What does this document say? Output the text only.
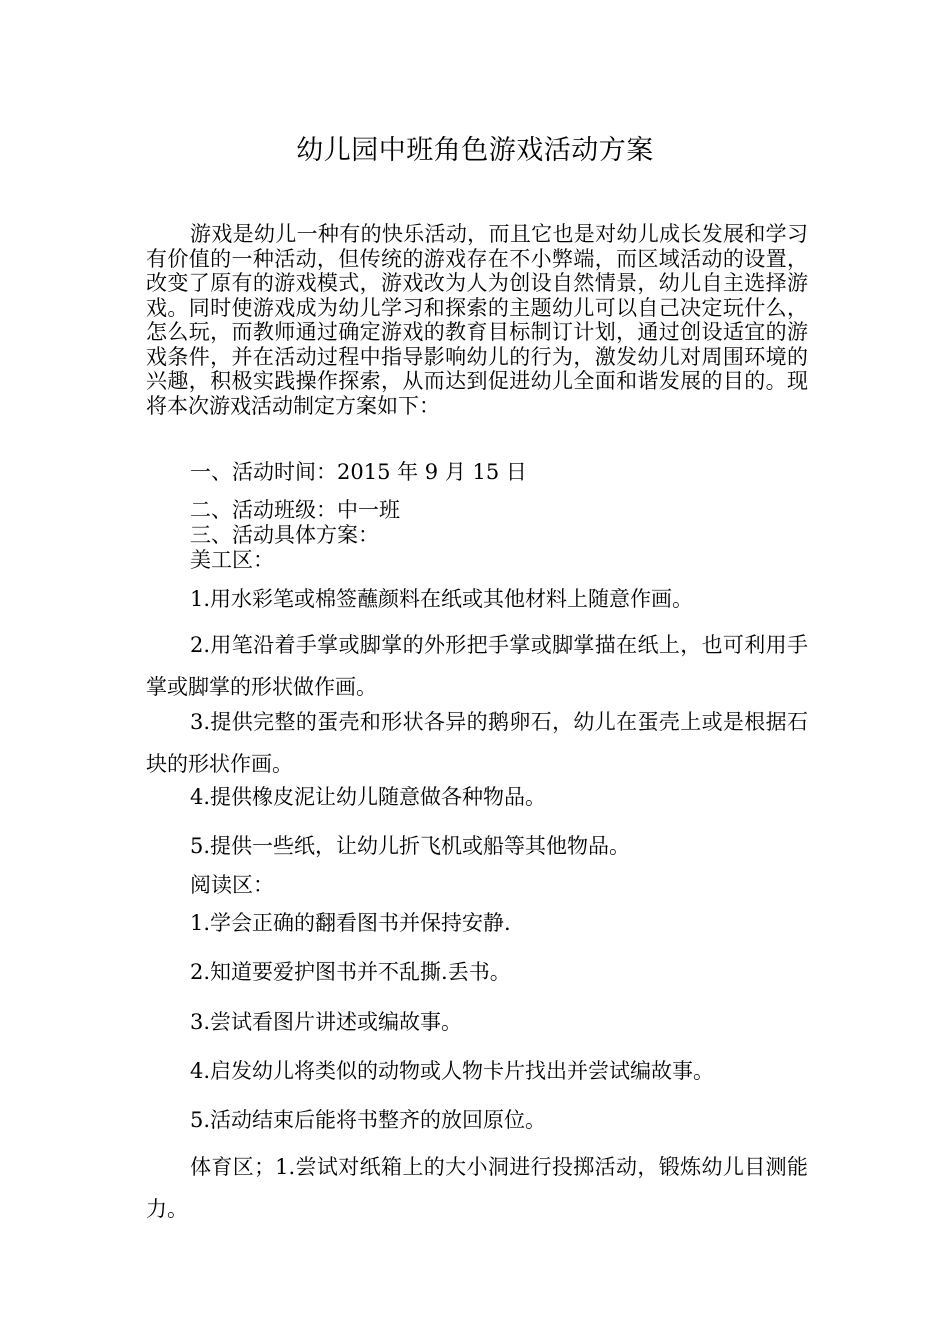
幼儿园中班角色游戏活动方案

游戏是幼儿一种有的快乐活动，而且它也是对幼儿成长发展和学习有价值的一种活动，但传统的游戏存在不小弊端，而区域活动的设置，改变了原有的游戏模式，游戏改为人为创设自然情景，幼儿自主选择游戏。同时使游戏成为幼儿学习和探索的主题幼儿可以自己决定玩什么，怎么玩，而教师通过确定游戏的教育目标制订计划，通过创设适宜的游戏条件，并在活动过程中指导影响幼儿的行为，激发幼儿对周围环境的兴趣，积极实践操作探索，从而达到促进幼儿全面和谐发展的目的。现将本次游戏活动制定方案如下：

一、活动时间：2015 年 9 月 15 日

二、活动班级：中一班

三、活动具体方案：

美工区：

1.用水彩笔或棉签蘸颜料在纸或其他材料上随意作画。

2.用笔沿着手掌或脚掌的外形把手掌或脚掌描在纸上，也可利用手掌或脚掌的形状做作画。

3.提供完整的蛋壳和形状各异的鹅卵石，幼儿在蛋壳上或是根据石块的形状作画。

4.提供橡皮泥让幼儿随意做各种物品。

5.提供一些纸，让幼儿折飞机或船等其他物品。

阅读区：

1.学会正确的翻看图书并保持安静.

2.知道要爱护图书并不乱撕.丢书。

3.尝试看图片讲述或编故事。

4.启发幼儿将类似的动物或人物卡片找出并尝试编故事。

5.活动结束后能将书整齐的放回原位。

体育区；1.尝试对纸箱上的大小洞进行投掷活动，锻炼幼儿目测能力。
